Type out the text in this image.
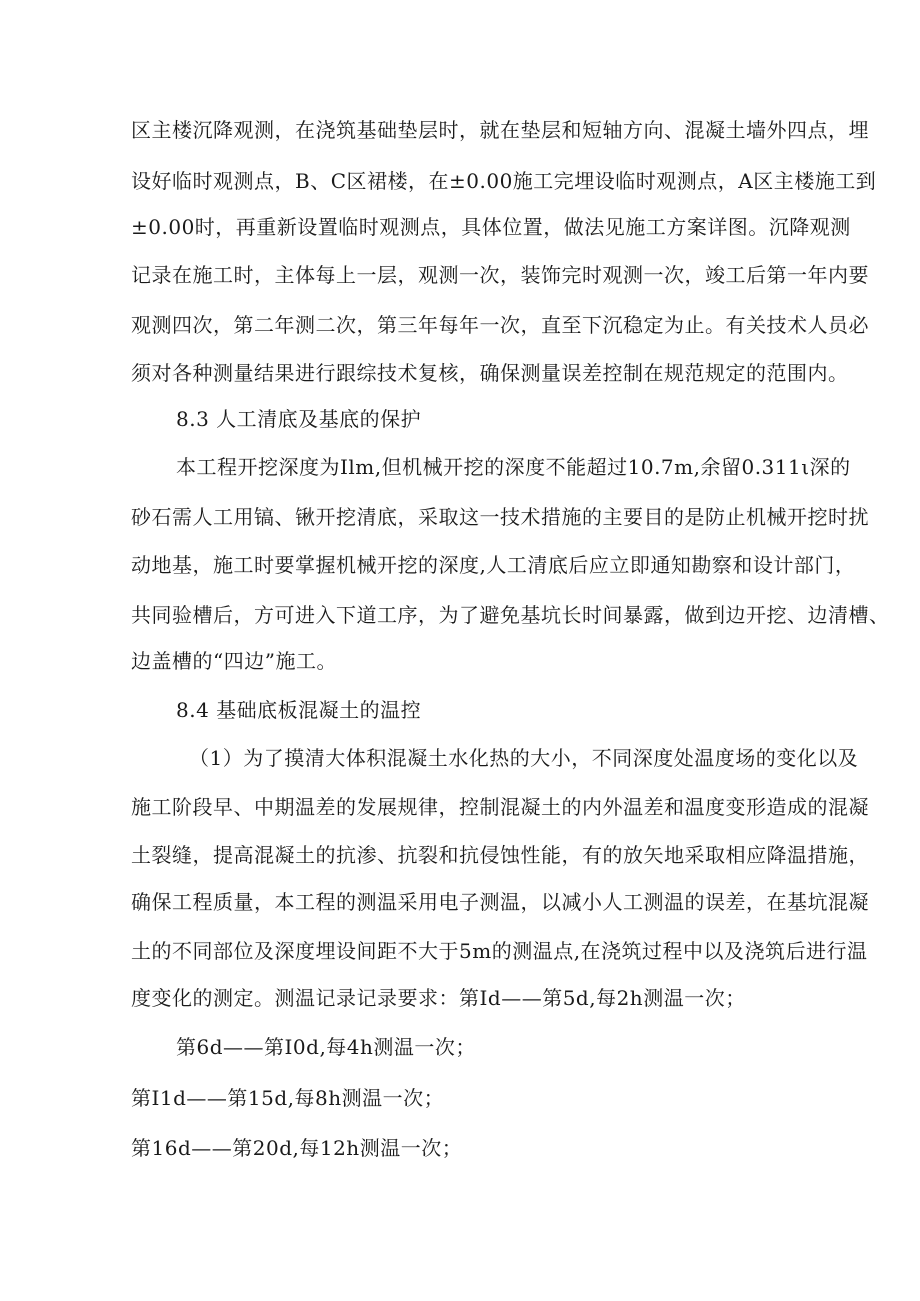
区主楼沉降观测，在浇筑基础垫层时，就在垫层和短轴方向、混凝土墙外四点，埋
设好临时观测点，B、C区裙楼，在±0.00施工完埋设临时观测点，A区主楼施工到
±0.00时，再重新设置临时观测点，具体位置，做法见施工方案详图。沉降观测
记录在施工时，主体每上一层，观测一次，装饰完时观测一次，竣工后第一年内要
观测四次，第二年测二次，第三年每年一次，直至下沉稳定为止。有关技术人员必
须对各种测量结果进行跟综技术复核，确保测量误差控制在规范规定的范围内。
8.3 人工清底及基底的保护
本工程开挖深度为Ilm,但机械开挖的深度不能超过10.7m,余留0.311ι深的
砂石需人工用镐、锹开挖清底，采取这一技术措施的主要目的是防止机械开挖时扰
动地基，施工时要掌握机械开挖的深度,人工清底后应立即通知勘察和设计部门，
共同验槽后，方可进入下道工序，为了避免基坑长时间暴露，做到边开挖、边清槽、
边盖槽的“四边”施工。
8.4 基础底板混凝土的温控
（1）为了摸清大体积混凝土水化热的大小，不同深度处温度场的变化以及
施工阶段早、中期温差的发展规律，控制混凝土的内外温差和温度变形造成的混凝
土裂缝，提高混凝土的抗渗、抗裂和抗侵蚀性能，有的放矢地采取相应降温措施，
确保工程质量，本工程的测温采用电子测温，以减小人工测温的误差，在基坑混凝
土的不同部位及深度埋设间距不大于5m的测温点,在浇筑过程中以及浇筑后进行温
度变化的测定。测温记录记录要求：第Id——第5d,每2h测温一次；
第6d——第I0d,每4h测温一次；
第I1d——第15d,每8h测温一次；
第16d——第20d,每12h测温一次；
